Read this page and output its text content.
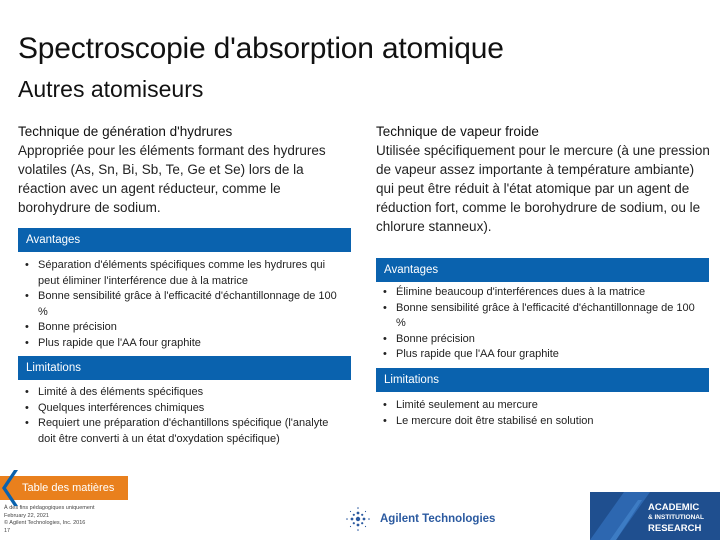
Spectroscopie d'absorption atomique
Autres atomiseurs
Technique de génération d'hydrures
Appropriée pour les éléments formant des hydrures volatiles (As, Sn, Bi, Sb, Te, Ge et Se) lors de la réaction avec un agent réducteur, comme le borohydrure de sodium.
Avantages
• Séparation d'éléments spécifiques comme les hydrures qui peut éliminer l'interférence due à la matrice
• Bonne sensibilité grâce à l'efficacité d'échantillonnage de 100 %
• Bonne précision
• Plus rapide que l'AA four graphite
Limitations
• Limité à des éléments spécifiques
• Quelques interférences chimiques
• Requiert une préparation d'échantillons spécifique (l'analyte doit être converti à un état d'oxydation spécifique)
Technique de vapeur froide
Utilisée spécifiquement pour le mercure (à une pression de vapeur assez importante à température ambiante) qui peut être réduit à l'état atomique par un agent de réduction fort, comme le borohydrure de sodium, ou le chlorure stanneux).
Avantages
• Élimine beaucoup d'interférences dues à la matrice
• Bonne sensibilité grâce à l'efficacité d'échantillonnage de 100 %
• Bonne précision
• Plus rapide que l'AA four graphite
Limitations
• Limité seulement au mercure
• Le mercure doit être stabilisé en solution
Table des matières
À des fins pédagogiques uniquement
February 22, 2021
© Agilent Technologies, Inc. 2016
17
Agilent Technologies
ACADEMIC
& INSTITUTIONAL
RESEARCH
